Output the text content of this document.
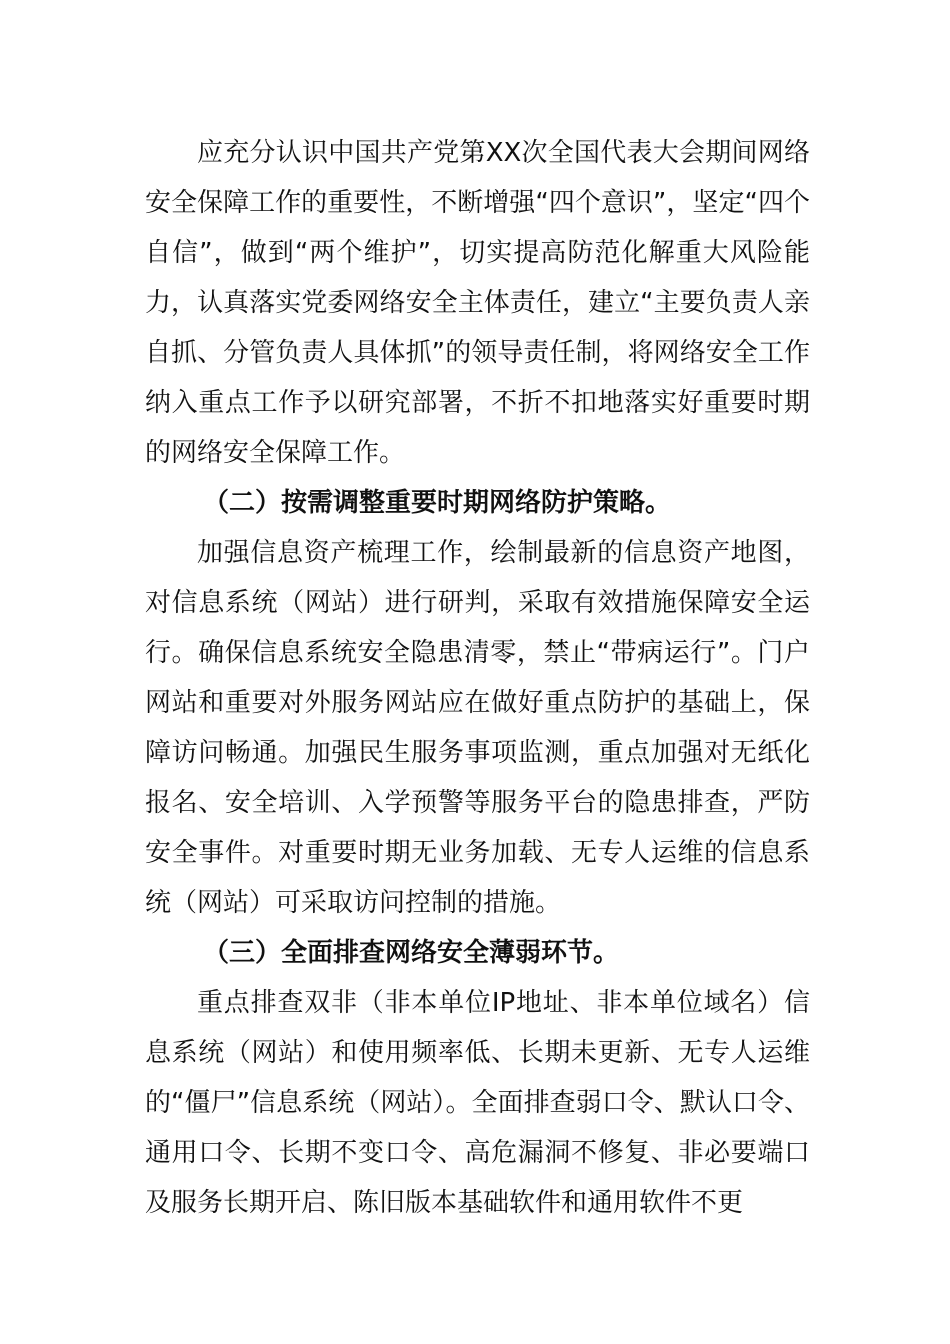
应充分认识中国共产党第XX次全国代表大会期间网络安全保障工作的重要性，不断增强“四个意识”，坚定“四个自信”，做到“两个维护”，切实提高防范化解重大风险能力，认真落实党委网络安全主体责任，建立“主要负责人亲自抓、分管负责人具体抓”的领导责任制，将网络安全工作纳入重点工作予以研究部署，不折不扣地落实好重要时期的网络安全保障工作。

（二）按需调整重要时期网络防护策略。

加强信息资产梳理工作，绘制最新的信息资产地图，对信息系统（网站）进行研判，采取有效措施保障安全运行。确保信息系统安全隐患清零，禁止“带病运行”。门户网站和重要对外服务网站应在做好重点防护的基础上，保障访问畅通。加强民生服务事项监测，重点加强对无纸化报名、安全培训、入学预警等服务平台的隐患排查，严防安全事件。对重要时期无业务加载、无专人运维的信息系统（网站）可采取访问控制的措施。

（三）全面排查网络安全薄弱环节。

重点排查双非（非本单位IP地址、非本单位域名）信息系统（网站）和使用频率低、长期未更新、无专人运维的“僵尸”信息系统（网站）。全面排查弱口令、默认口令、通用口令、长期不变口令、高危漏洞不修复、非必要端口及服务长期开启、陈旧版本基础软件和通用软件不更
